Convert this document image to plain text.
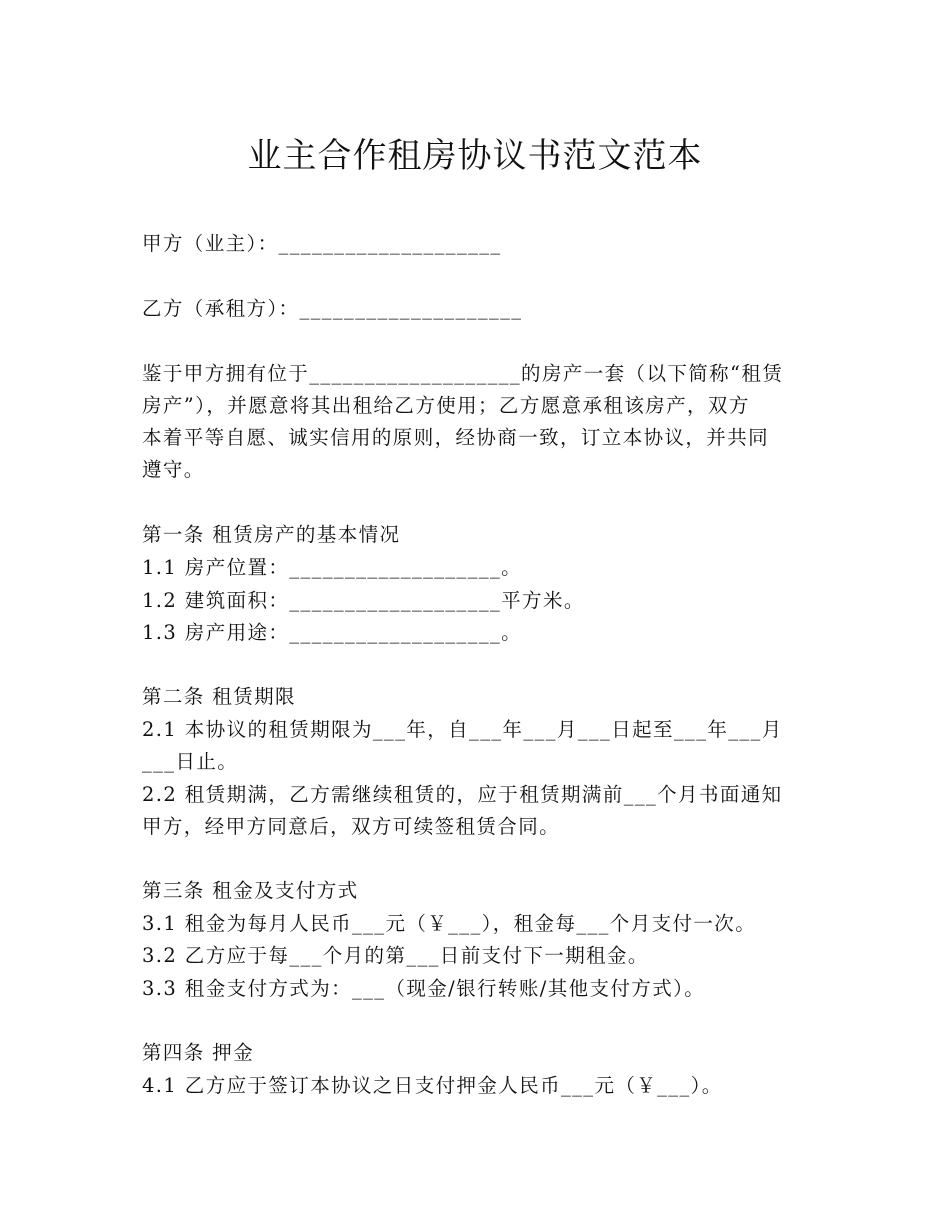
业主合作租房协议书范文范本
甲方（业主）：____________________
乙方（承租方）：____________________
鉴于甲方拥有位于___________________的房产一套（以下简称“租赁
房产”），并愿意将其出租给乙方使用；乙方愿意承租该房产，双方
本着平等自愿、诚实信用的原则，经协商一致，订立本协议，并共同
遵守。
第一条 租赁房产的基本情况
1.1 房产位置：___________________。
1.2 建筑面积：___________________平方米。
1.3 房产用途：___________________。
第二条 租赁期限
2.1 本协议的租赁期限为___年，自___年___月___日起至___年___月
___日止。
2.2 租赁期满，乙方需继续租赁的，应于租赁期满前___个月书面通知
甲方，经甲方同意后，双方可续签租赁合同。
第三条 租金及支付方式
3.1 租金为每月人民币___元（￥___），租金每___个月支付一次。
3.2 乙方应于每___个月的第___日前支付下一期租金。
3.3 租金支付方式为：___（现金/银行转账/其他支付方式）。
第四条 押金
4.1 乙方应于签订本协议之日支付押金人民币___元（￥___）。
